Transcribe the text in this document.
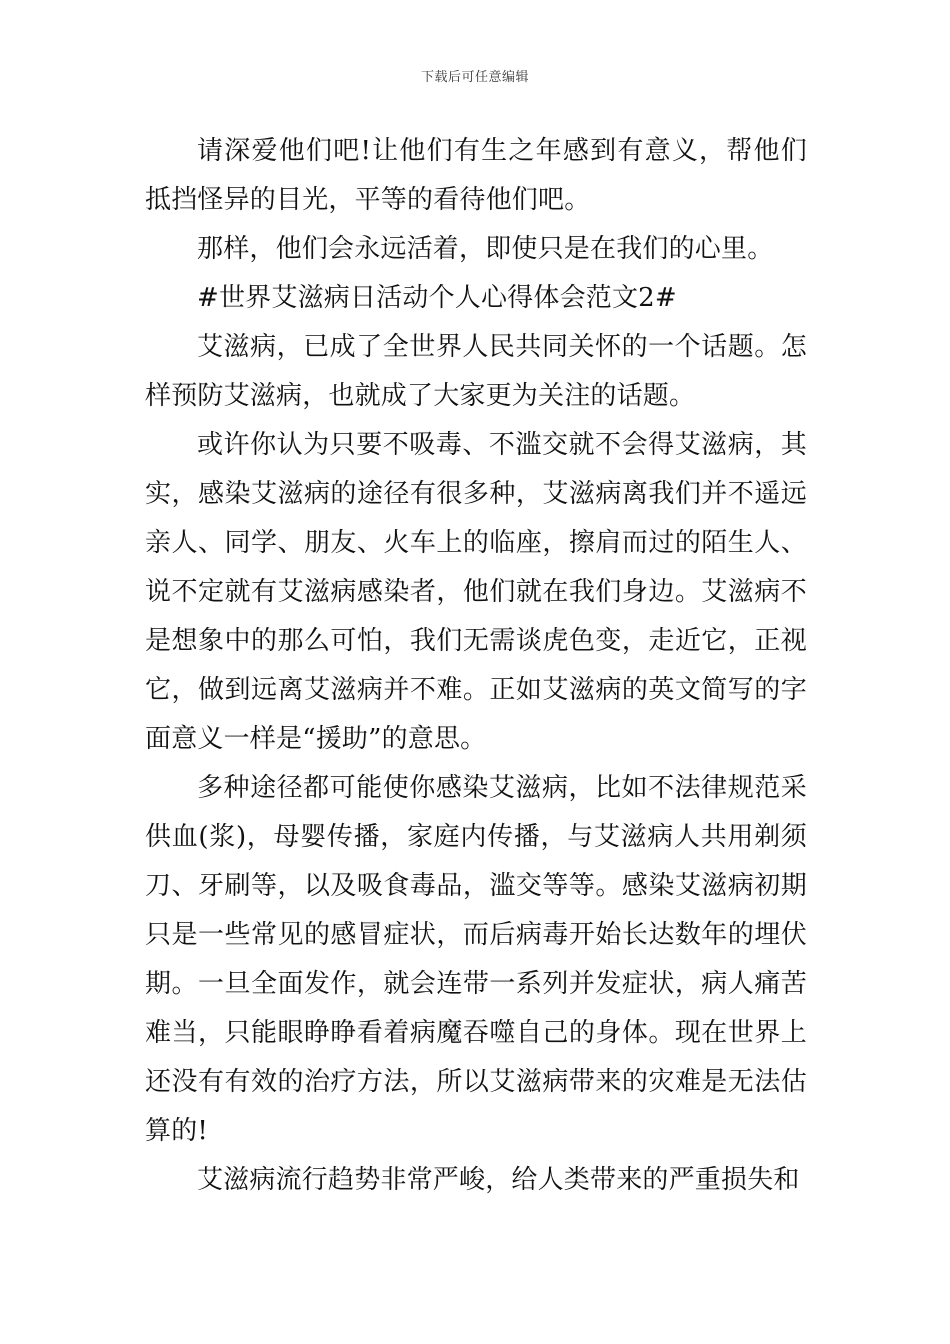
下载后可任意编辑

请深爱他们吧!让他们有生之年感到有意义，帮他们抵挡怪异的目光，平等的看待他们吧。

那样，他们会永远活着，即使只是在我们的心里。

#世界艾滋病日活动个人心得体会范文2#

艾滋病，已成了全世界人民共同关怀的一个话题。怎样预防艾滋病，也就成了大家更为关注的话题。

或许你认为只要不吸毒、不滥交就不会得艾滋病，其实，感染艾滋病的途径有很多种，艾滋病离我们并不遥远亲人、同学、朋友、火车上的临座，擦肩而过的陌生人、说不定就有艾滋病感染者，他们就在我们身边。艾滋病不是想象中的那么可怕，我们无需谈虎色变，走近它，正视它，做到远离艾滋病并不难。正如艾滋病的英文简写的字面意义一样是“援助”的意思。

多种途径都可能使你感染艾滋病，比如不法律规范采供血(浆)，母婴传播，家庭内传播，与艾滋病人共用剃须刀、牙刷等，以及吸食毒品，滥交等等。感染艾滋病初期只是一些常见的感冒症状，而后病毒开始长达数年的埋伏期。一旦全面发作，就会连带一系列并发症状，病人痛苦难当，只能眼睁睁看着病魔吞噬自己的身体。现在世界上还没有有效的治疗方法，所以艾滋病带来的灾难是无法估算的!

艾滋病流行趋势非常严峻，给人类带来的严重损失和
